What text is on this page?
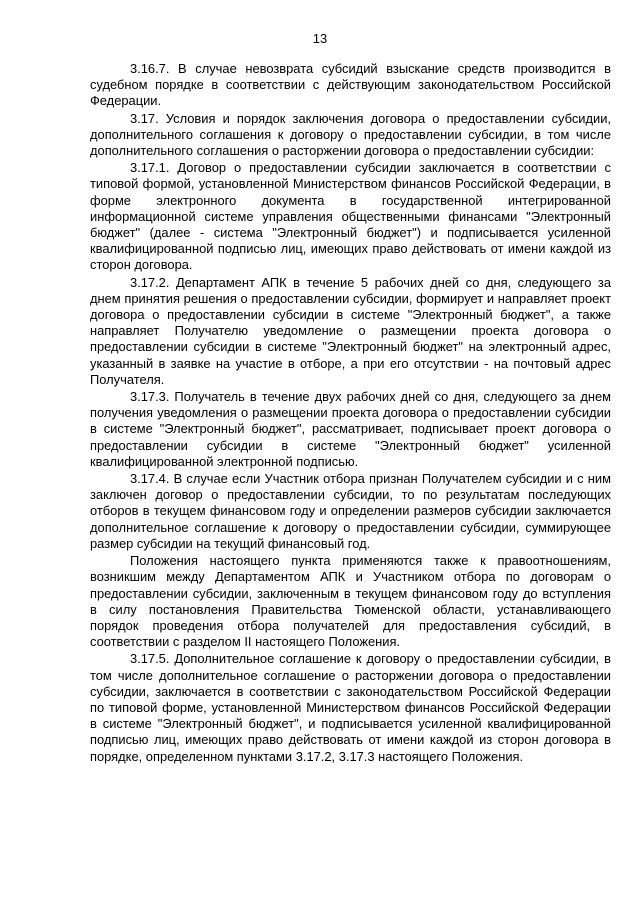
13

3.16.7. В случае невозврата субсидий взыскание средств производится в судебном порядке в соответствии с действующим законодательством Российской Федерации.

3.17. Условия и порядок заключения договора о предоставлении субсидии, дополнительного соглашения к договору о предоставлении субсидии, в том числе дополнительного соглашения о расторжении договора о предоставлении субсидии:

3.17.1. Договор о предоставлении субсидии заключается в соответствии с типовой формой, установленной Министерством финансов Российской Федерации, в форме электронного документа в государственной интегрированной информационной системе управления общественными финансами "Электронный бюджет" (далее - система "Электронный бюджет") и подписывается усиленной квалифицированной подписью лиц, имеющих право действовать от имени каждой из сторон договора.

3.17.2. Департамент АПК в течение 5 рабочих дней со дня, следующего за днем принятия решения о предоставлении субсидии, формирует и направляет проект договора о предоставлении субсидии в системе "Электронный бюджет", а также направляет Получателю уведомление о размещении проекта договора о предоставлении субсидии в системе "Электронный бюджет" на электронный адрес, указанный в заявке на участие в отборе, а при его отсутствии - на почтовый адрес Получателя.

3.17.3. Получатель в течение двух рабочих дней со дня, следующего за днем получения уведомления о размещении проекта договора о предоставлении субсидии в системе "Электронный бюджет", рассматривает, подписывает проект договора о предоставлении субсидии в системе "Электронный бюджет" усиленной квалифицированной электронной подписью.

3.17.4. В случае если Участник отбора признан Получателем субсидии и с ним заключен договор о предоставлении субсидии, то по результатам последующих отборов в текущем финансовом году и определении размеров субсидии заключается дополнительное соглашение к договору о предоставлении субсидии, суммирующее размер субсидии на текущий финансовый год.

Положения настоящего пункта применяются также к правоотношениям, возникшим между Департаментом АПК и Участником отбора по договорам о предоставлении субсидии, заключенным в текущем финансовом году до вступления в силу постановления Правительства Тюменской области, устанавливающего порядок проведения отбора получателей для предоставления субсидий, в соответствии с разделом II настоящего Положения.

3.17.5. Дополнительное соглашение к договору о предоставлении субсидии, в том числе дополнительное соглашение о расторжении договора о предоставлении субсидии, заключается в соответствии с законодательством Российской Федерации по типовой форме, установленной Министерством финансов Российской Федерации в системе "Электронный бюджет", и подписывается усиленной квалифицированной подписью лиц, имеющих право действовать от имени каждой из сторон договора в порядке, определенном пунктами 3.17.2, 3.17.3 настоящего Положения.
